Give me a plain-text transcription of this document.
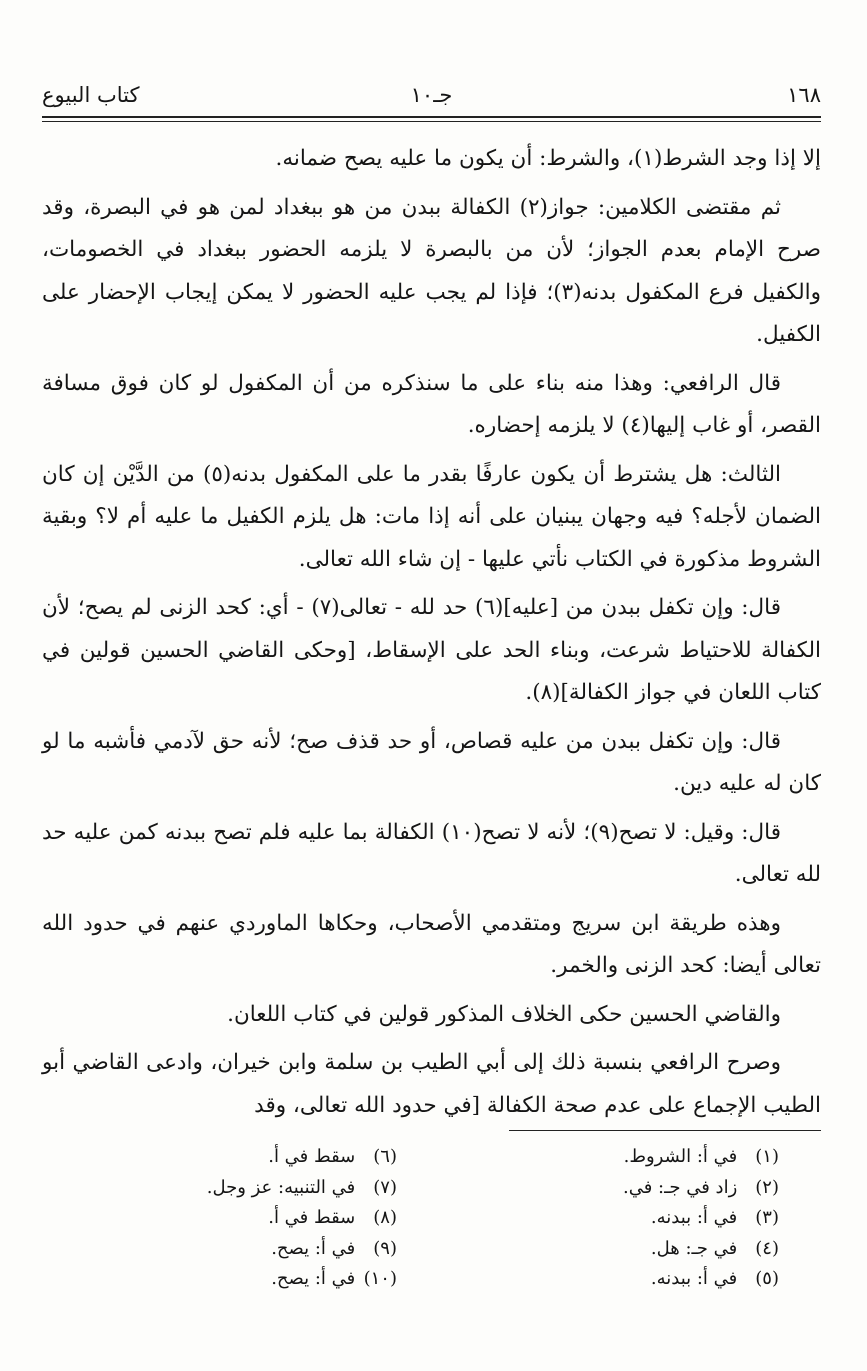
١٦٨
جـ١٠
كتاب البيوع

إلا إذا وجد الشرط(١)، والشرط: أن يكون ما عليه يصح ضمانه.

ثم مقتضى الكلامين: جواز(٢) الكفالة ببدن من هو ببغداد لمن هو في البصرة، وقد صرح الإمام بعدم الجواز؛ لأن من بالبصرة لا يلزمه الحضور ببغداد في الخصومات، والكفيل فرع المكفول بدنه(٣)؛ فإذا لم يجب عليه الحضور لا يمكن إيجاب الإحضار على الكفيل.

قال الرافعي: وهذا منه بناء على ما سنذكره من أن المكفول لو كان فوق مسافة القصر، أو غاب إليها(٤) لا يلزمه إحضاره.

الثالث: هل يشترط أن يكون عارفًا بقدر ما على المكفول بدنه(٥) من الدَّيْن إن كان الضمان لأجله؟ فيه وجهان يبنيان على أنه إذا مات: هل يلزم الكفيل ما عليه أم لا؟ وبقية الشروط مذكورة في الكتاب نأتي عليها - إن شاء الله تعالى.

قال: وإن تكفل ببدن من [عليه](٦) حد لله - تعالى(٧) - أي: كحد الزنى لم يصح؛ لأن الكفالة للاحتياط شرعت، وبناء الحد على الإسقاط، [وحكى القاضي الحسين قولين في كتاب اللعان في جواز الكفالة](٨).

قال: وإن تكفل ببدن من عليه قصاص، أو حد قذف صح؛ لأنه حق لآدمي فأشبه ما لو كان له عليه دين.

قال: وقيل: لا تصح(٩)؛ لأنه لا تصح(١٠) الكفالة بما عليه فلم تصح ببدنه كمن عليه حد لله تعالى.

وهذه طريقة ابن سريج ومتقدمي الأصحاب، وحكاها الماوردي عنهم في حدود الله تعالى أيضا: كحد الزنى والخمر.

والقاضي الحسين حكى الخلاف المذكور قولين في كتاب اللعان.

وصرح الرافعي بنسبة ذلك إلى أبي الطيب بن سلمة وابن خيران، وادعى القاضي أبو الطيب الإجماع على عدم صحة الكفالة [في حدود الله تعالى، وقد

(١) في أ: الشروط.
(٢) زاد في جـ: في.
(٣) في أ: ببدنه.
(٤) في جـ: هل.
(٥) في أ: ببدنه.
(٦) سقط في أ.
(٧) في التنبيه: عز وجل.
(٨) سقط في أ.
(٩) في أ: يصح.
(١٠) في أ: يصح.
